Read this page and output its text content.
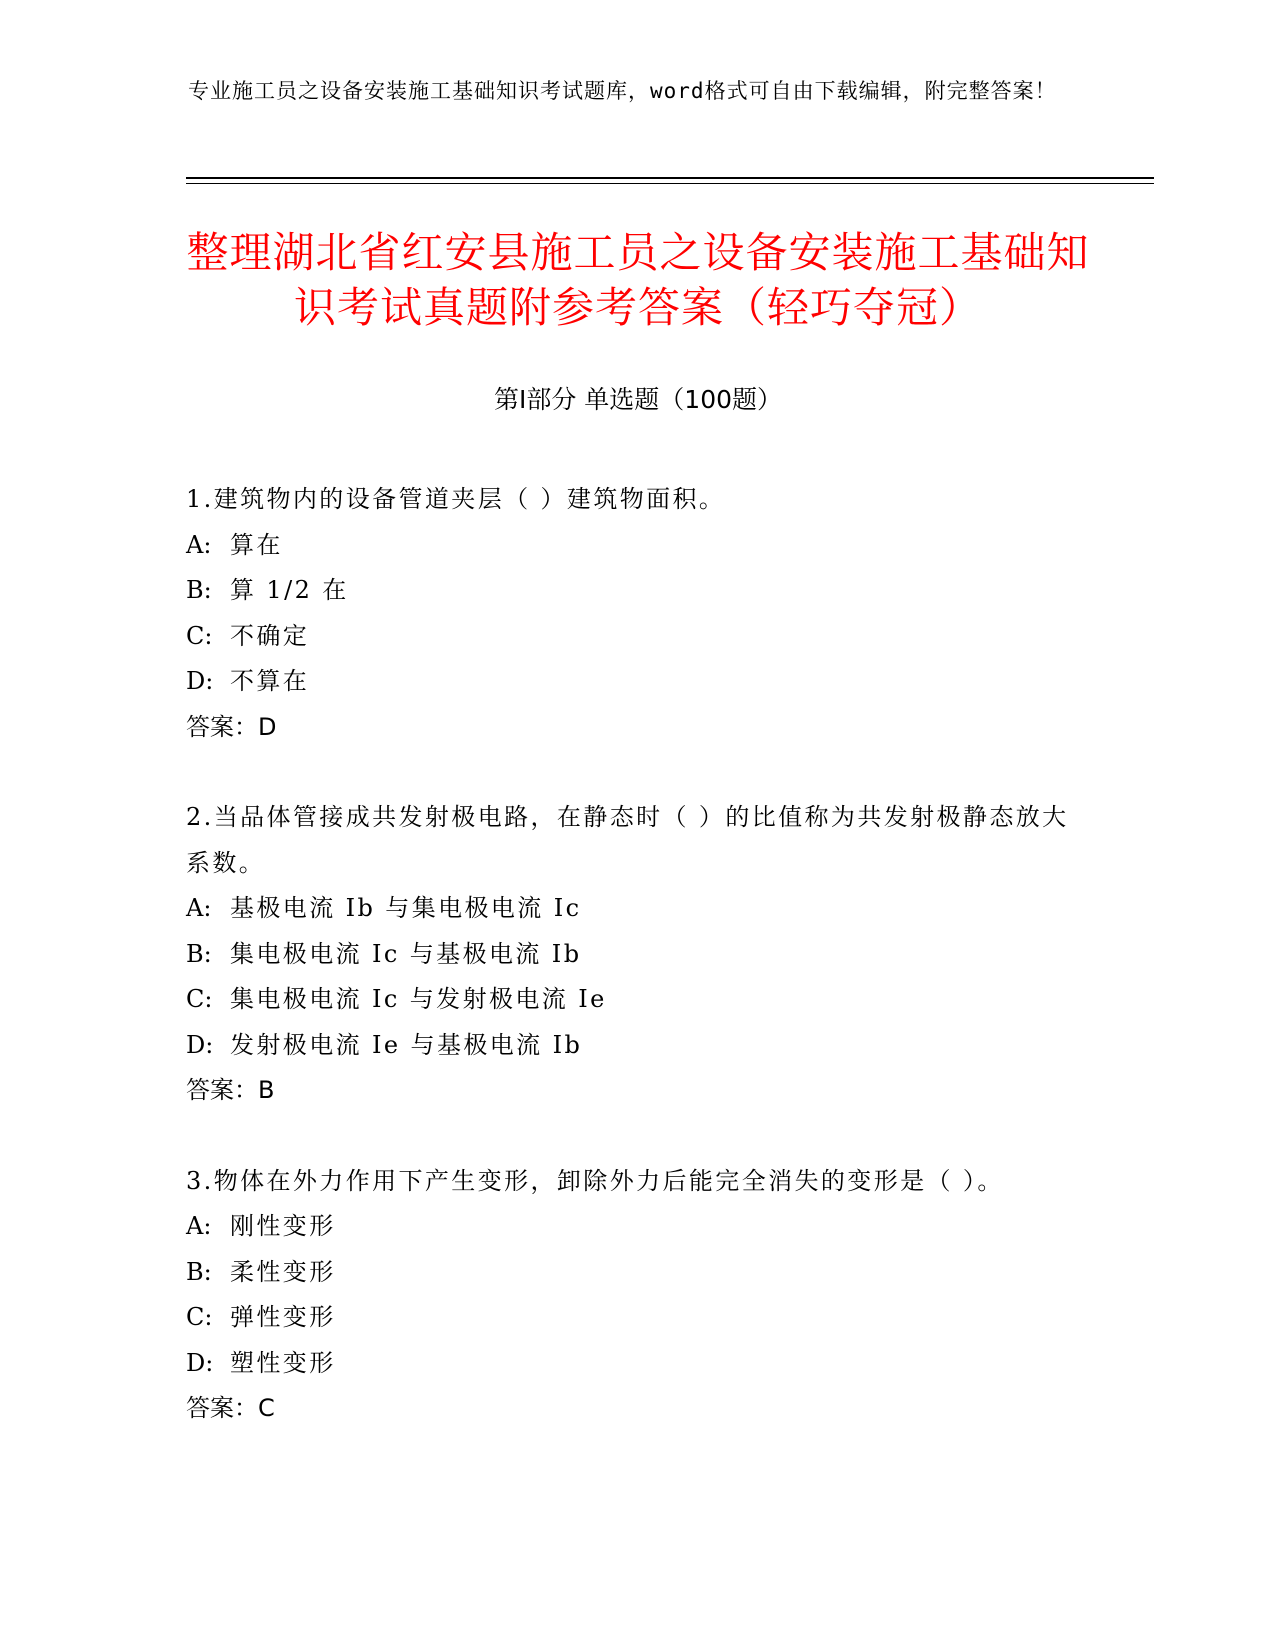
专业施工员之设备安装施工基础知识考试题库，word格式可自由下载编辑，附完整答案！
整理湖北省红安县施工员之设备安装施工基础知识考试真题附参考答案（轻巧夺冠）
第Ⅰ部分 单选题（100题）

1.建筑物内的设备管道夹层（ ）建筑物面积。

A: 算在

B: 算 1/2 在

C: 不确定

D: 不算在

答案：D

2.当品体管接成共发射极电路，在静态时（ ）的比值称为共发射极静态放大系数。

A: 基极电流 Ib 与集电极电流 Ic

B: 集电极电流 Ic 与基极电流 Ib

C: 集电极电流 Ic 与发射极电流 Ie

D: 发射极电流 Ie 与基极电流 Ib

答案：B

3.物体在外力作用下产生变形，卸除外力后能完全消失的变形是（ ）。

A: 刚性变形

B: 柔性变形

C: 弹性变形

D: 塑性变形

答案：C
